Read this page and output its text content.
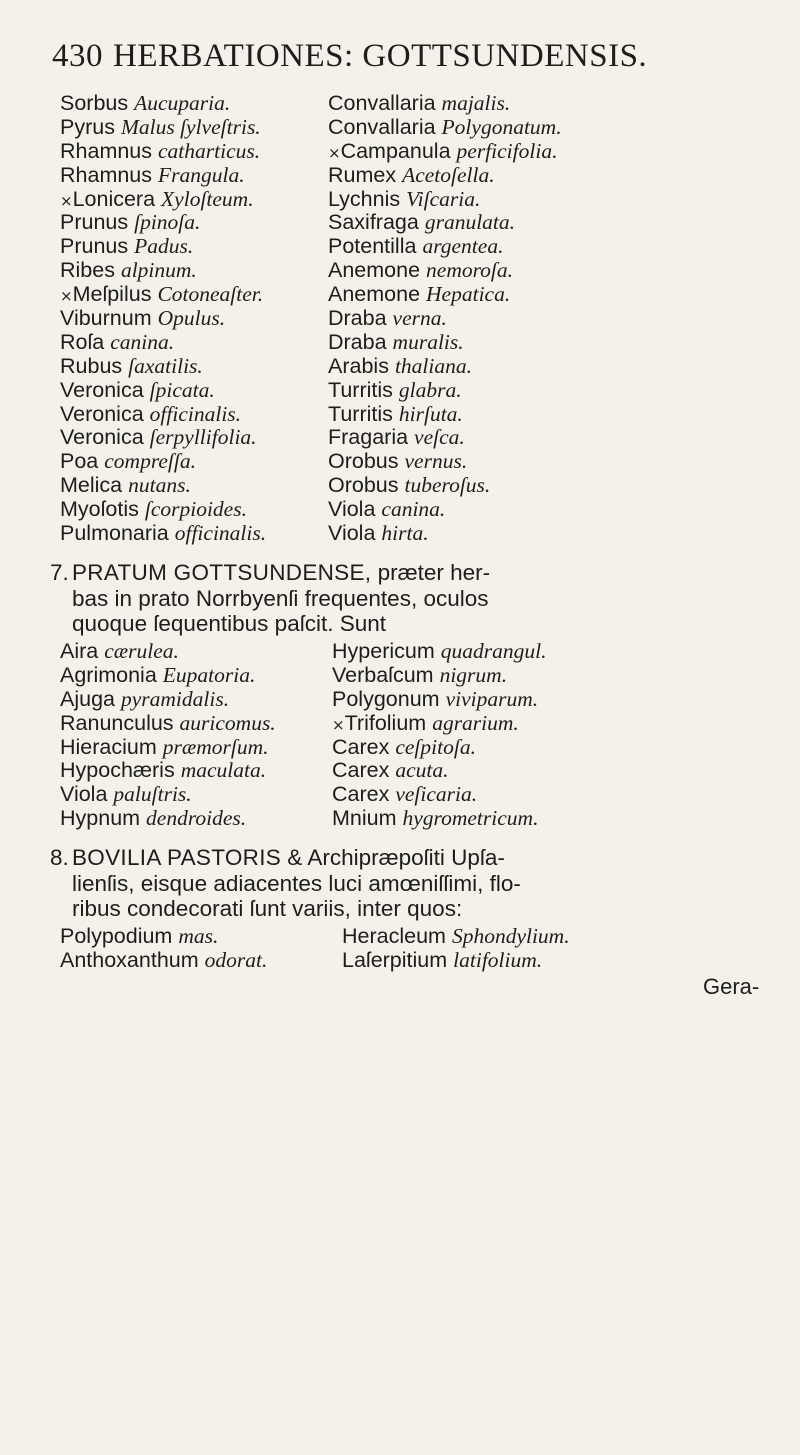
430 HERBATIONES: GOTTSUNDENSIS.
Sorbus Aucuparia.
Pyrus Malus ſylveſtris.
Rhamnus catharticus.
Rhamnus Frangula.
×Lonicera Xyloſteum.
Prunus ſpinoſa.
Prunus Padus.
Ribes alpinum.
×Meſpilus Cotoneaſter.
Viburnum Opulus.
Roſa canina.
Rubus ſaxatilis.
Veronica ſpicata.
Veronica officinalis.
Veronica ſerpyllifolia.
Poa compreſſa.
Melica nutans.
Myoſotis ſcorpioides.
Pulmonaria officinalis.
Convallaria majalis.
Convallaria Polygonatum.
×Campanula perficifolia.
Rumex Acetoſella.
Lychnis Viſcaria.
Saxifraga granulata.
Potentilla argentea.
Anemone nemoroſa.
Anemone Hepatica.
Draba verna.
Draba muralis.
Arabis thaliana.
Turritis glabra.
Turritis hirſuta.
Fragaria veſca.
Orobus vernus.
Orobus tuberoſus.
Viola canina.
Viola hirta.
7. PRATUM GOTTSUNDENSE, præter her-
bas in prato Norrbyenſi frequentes, oculos
quoque ſequentibus paſcit. Sunt
Aira cærulea.
Agrimonia Eupatoria.
Ajuga pyramidalis.
Ranunculus auricomus.
Hieracium præmorſum.
Hypochæris maculata.
Viola paluſtris.
Hypnum dendroides.
Hypericum quadrangul.
Verbaſcum nigrum.
Polygonum viviparum.
×Trifolium agrarium.
Carex ceſpitoſa.
Carex acuta.
Carex veſicaria.
Mnium hygrometricum.
8. BOVILIA PASTORIS & Archipræpoſiti Upſa-
lienſis, eisque adiacentes luci amœniſſimi, flo-
ribus condecorati ſunt variis, inter quos:
Polypodium mas.
Anthoxanthum odorat.
Heracleum Sphondylium.
Laſerpitium latifolium.
Gera-
